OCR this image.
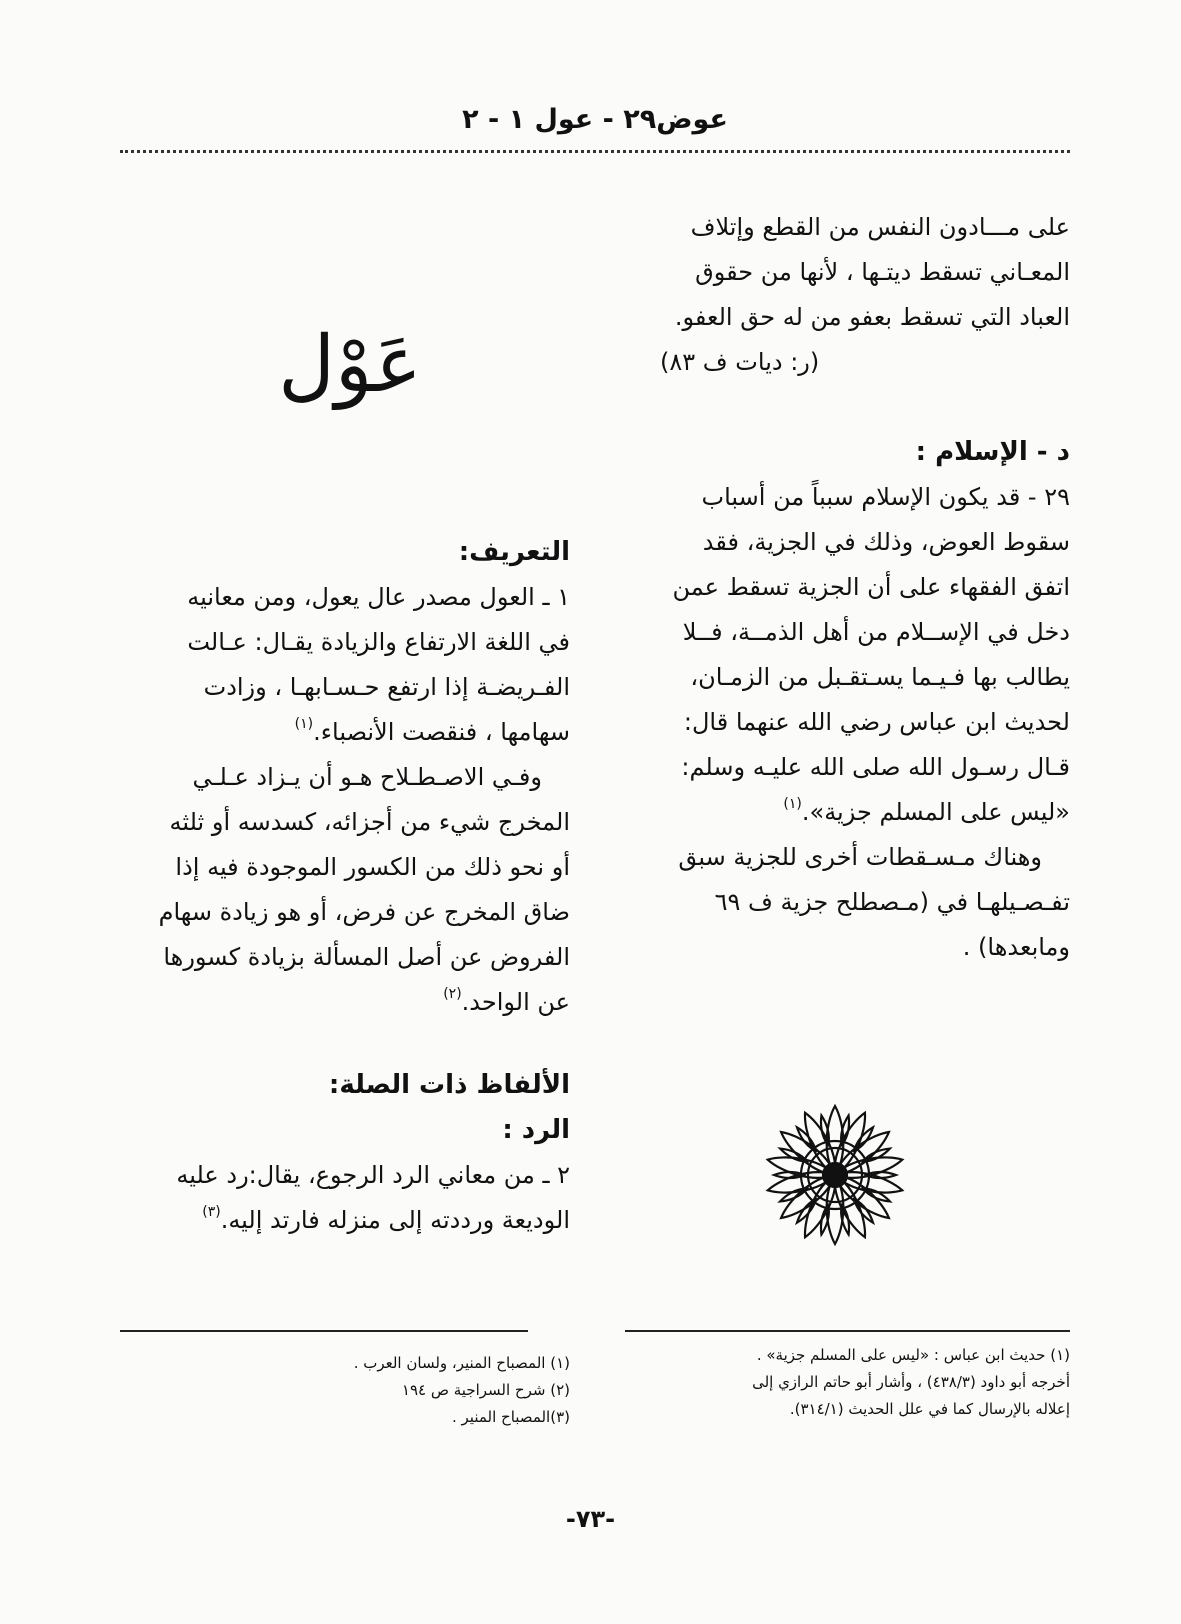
عوض٢٩ - عول ١ - ٢

على مـــادون النفس من القطع وإتلاف

المعـاني تسقط ديتـها ، لأنها من حقوق

العباد التي تسقط بعفو من له حق العفو.

(ر: ديات ف ٨٣)

د - الإسلام :

٢٩ - قد يكون الإسلام سبباً من أسباب

سقوط العوض، وذلك في الجزية، فقد

اتفق الفقهاء على أن الجزية تسقط عمن

دخل في الإســلام من أهل الذمــة، فــلا

يطالب بها فـيـما يسـتقـبل من الزمـان،

لحديث ابن عباس رضي الله عنهما قال:

قـال رسـول الله صلى الله عليـه وسلم:

«ليس على المسلم جزية».$^{(١)}$

وهناك مـسـقطات أخرى للجزية سبق

تفـصـيلهـا في (مـصطلح جزية ف ٦٩

ومابعدها) .

عَوْل

التعريف:

١ ـ العول مصدر عال يعول، ومن معانيه

في اللغة الارتفاع والزيادة يقـال: عـالت

الفـريضـة إذا ارتفع حـسـابهـا ، وزادت

سهامها ، فنقصت الأنصباء.$^{(١)}$

وفـي الاصـطـلاح هـو أن يـزاد عـلـي

المخرج شيء من أجزائه، كسدسه أو ثلثه

أو نحو ذلك من الكسور الموجودة فيه إذا

ضاق المخرج عن فرض، أو هو زيادة سهام

الفروض عن أصل المسألة بزيادة كسورها

عن الواحد.$^{(٢)}$

الألفاظ ذات الصلة:

الرد :

٢ ـ من معاني الرد الرجوع، يقال:رد عليه

الوديعة ورددته إلى منزله فارتد إليه.$^{(٣)}$

(١) حديث ابن عباس : «ليس على المسلم جزية» .
أخرجه أبو داود (٤٣٨/٣) ، وأشار أبو حاتم الرازي إلى
إعلاله بالإرسال كما في علل الحديث (٣١٤/١).
(١) المصباح المنير، ولسان العرب .
(٢) شرح السراجية ص ١٩٤
(٣)المصباح المنير .
-٧٣-
